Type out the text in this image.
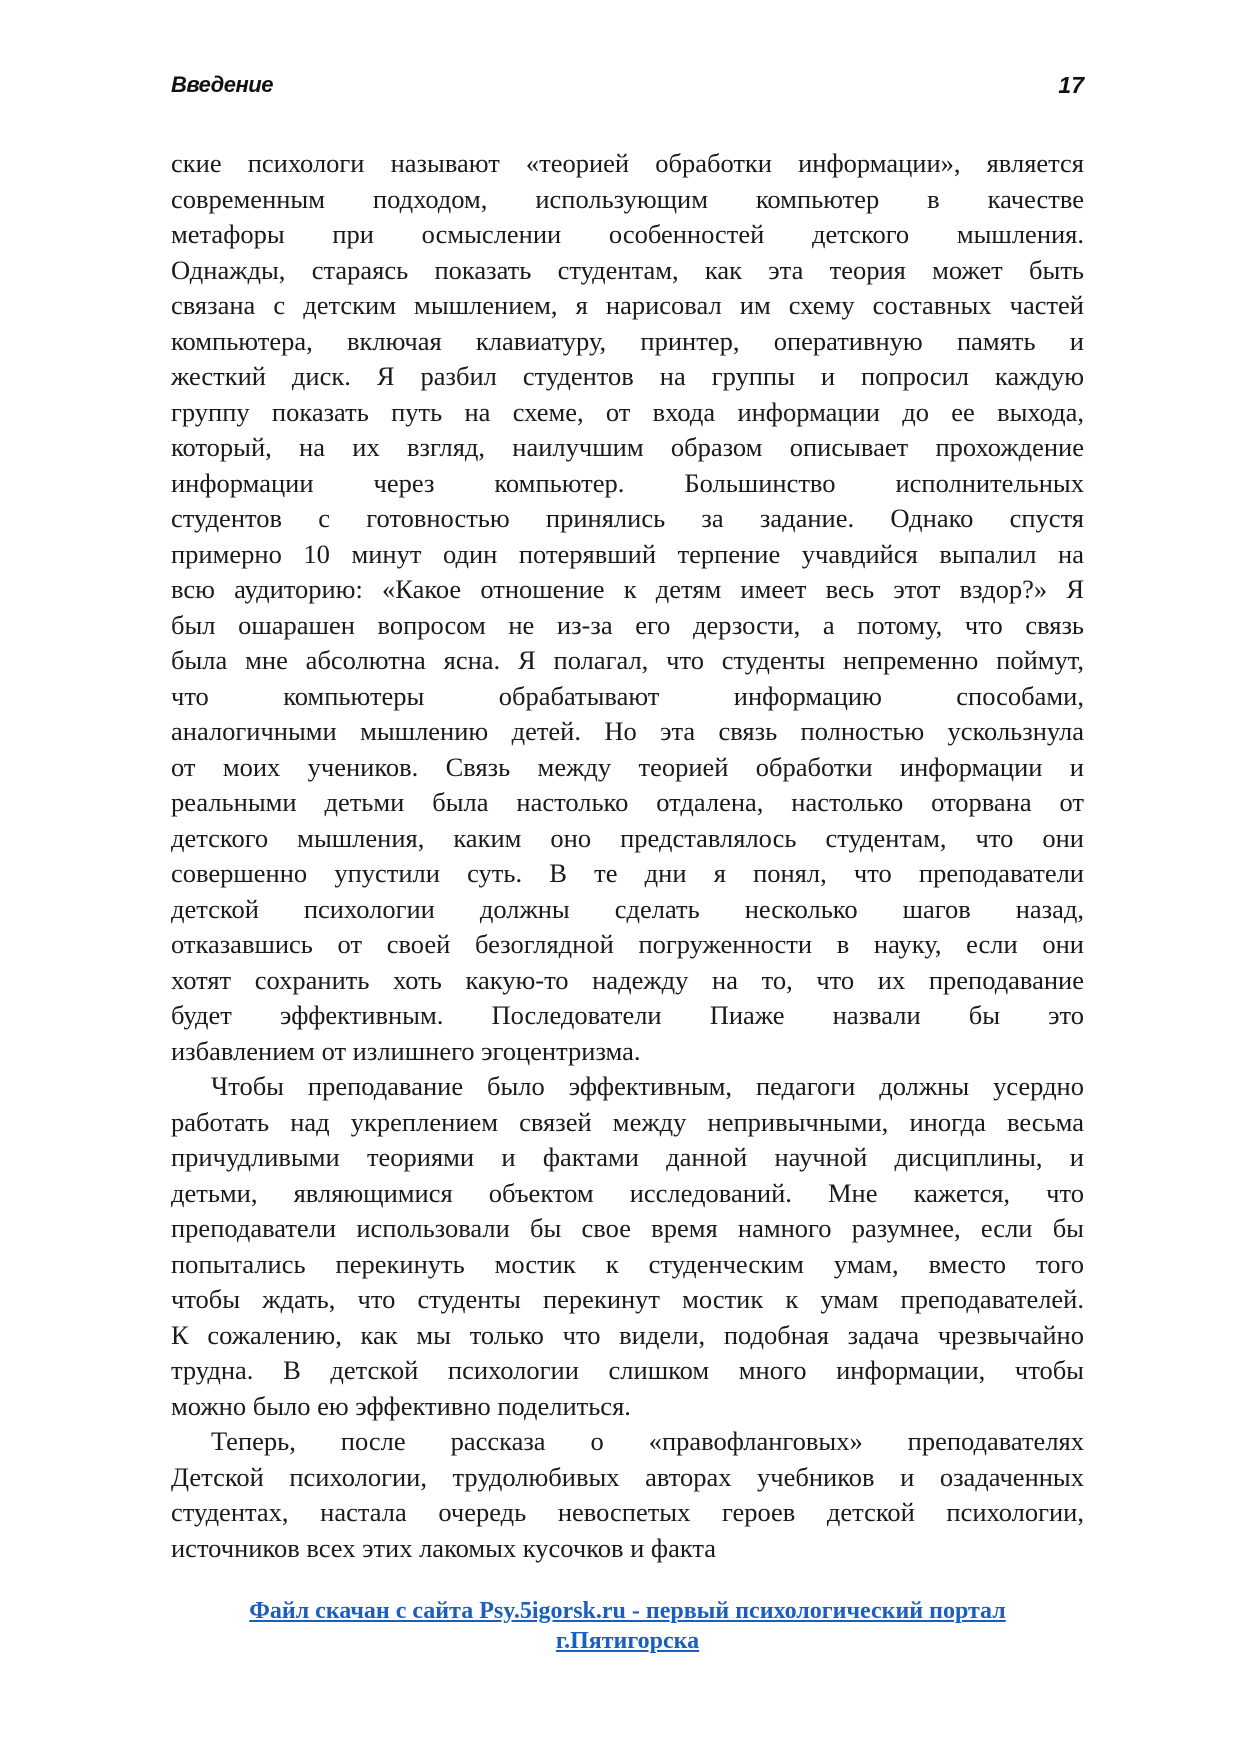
Введение	17
ские психологи называют «теорией обработки информации», является
современным подходом, использующим компьютер в качестве
метафоры при осмыслении особенностей детского мышления.
Однажды, стараясь показать студентам, как эта теория может быть
связана с детским мышлением, я нарисовал им схему составных частей
компьютера, включая клавиатуру, принтер, оперативную память и
жесткий диск. Я разбил студентов на группы и попросил каждую
группу показать путь на схеме, от входа информации до ее выхода,
который, на их взгляд, наилучшим образом описывает прохождение
информации через компьютер. Большинство исполнительных
студентов с готовностью принялись за задание. Однако спустя
примерно 10 минут один потерявший терпение учавдийся выпалил на
всю аудиторию: «Какое отношение к детям имеет весь этот вздор?» Я
был ошарашен вопросом не из-за его дерзости, а потому, что связь
была мне абсолютна ясна. Я полагал, что студенты непременно поймут,
что компьютеры обрабатывают информацию способами,
аналогичными мышлению детей. Но эта связь полностью ускользнула
от моих учеников. Связь между теорией обработки информации и
реальными детьми была настолько отдалена, настолько оторвана от
детского мышления, каким оно представлялось студентам, что они
совершенно упустили суть. В те дни я понял, что преподаватели
детской психологии должны сделать несколько шагов назад,
отказавшись от своей безоглядной погруженности в науку, если они
хотят сохранить хоть какую-то надежду на то, что их преподавание
будет эффективным. Последователи Пиаже назвали бы это
избавлением от излишнего эгоцентризма.
Чтобы преподавание было эффективным, педагоги должны усердно
работать над укреплением связей между непривычными, иногда весьма
причудливыми теориями и фактами данной научной дисциплины, и
детьми, являющимися объектом исследований. Мне кажется, что
преподаватели использовали бы свое время намного разумнее, если бы
попытались перекинуть мостик к студенческим умам, вместо того
чтобы ждать, что студенты перекинут мостик к умам преподавателей.
К сожалению, как мы только что видели, подобная задача чрезвычайно
трудна. В детской психологии слишком много информации, чтобы
можно было ею эффективно поделиться.
Теперь, после рассказа о «правофланговых» преподавателях
Детской психологии, трудолюбивых авторах учебников и озадаченных
студентах, настала очередь невоспетых героев детской психологии,
источников всех этих лакомых кусочков и факта
Файл скачан с сайта Psy.5igorsk.ru - первый психологический портал
г.Пятигорска
